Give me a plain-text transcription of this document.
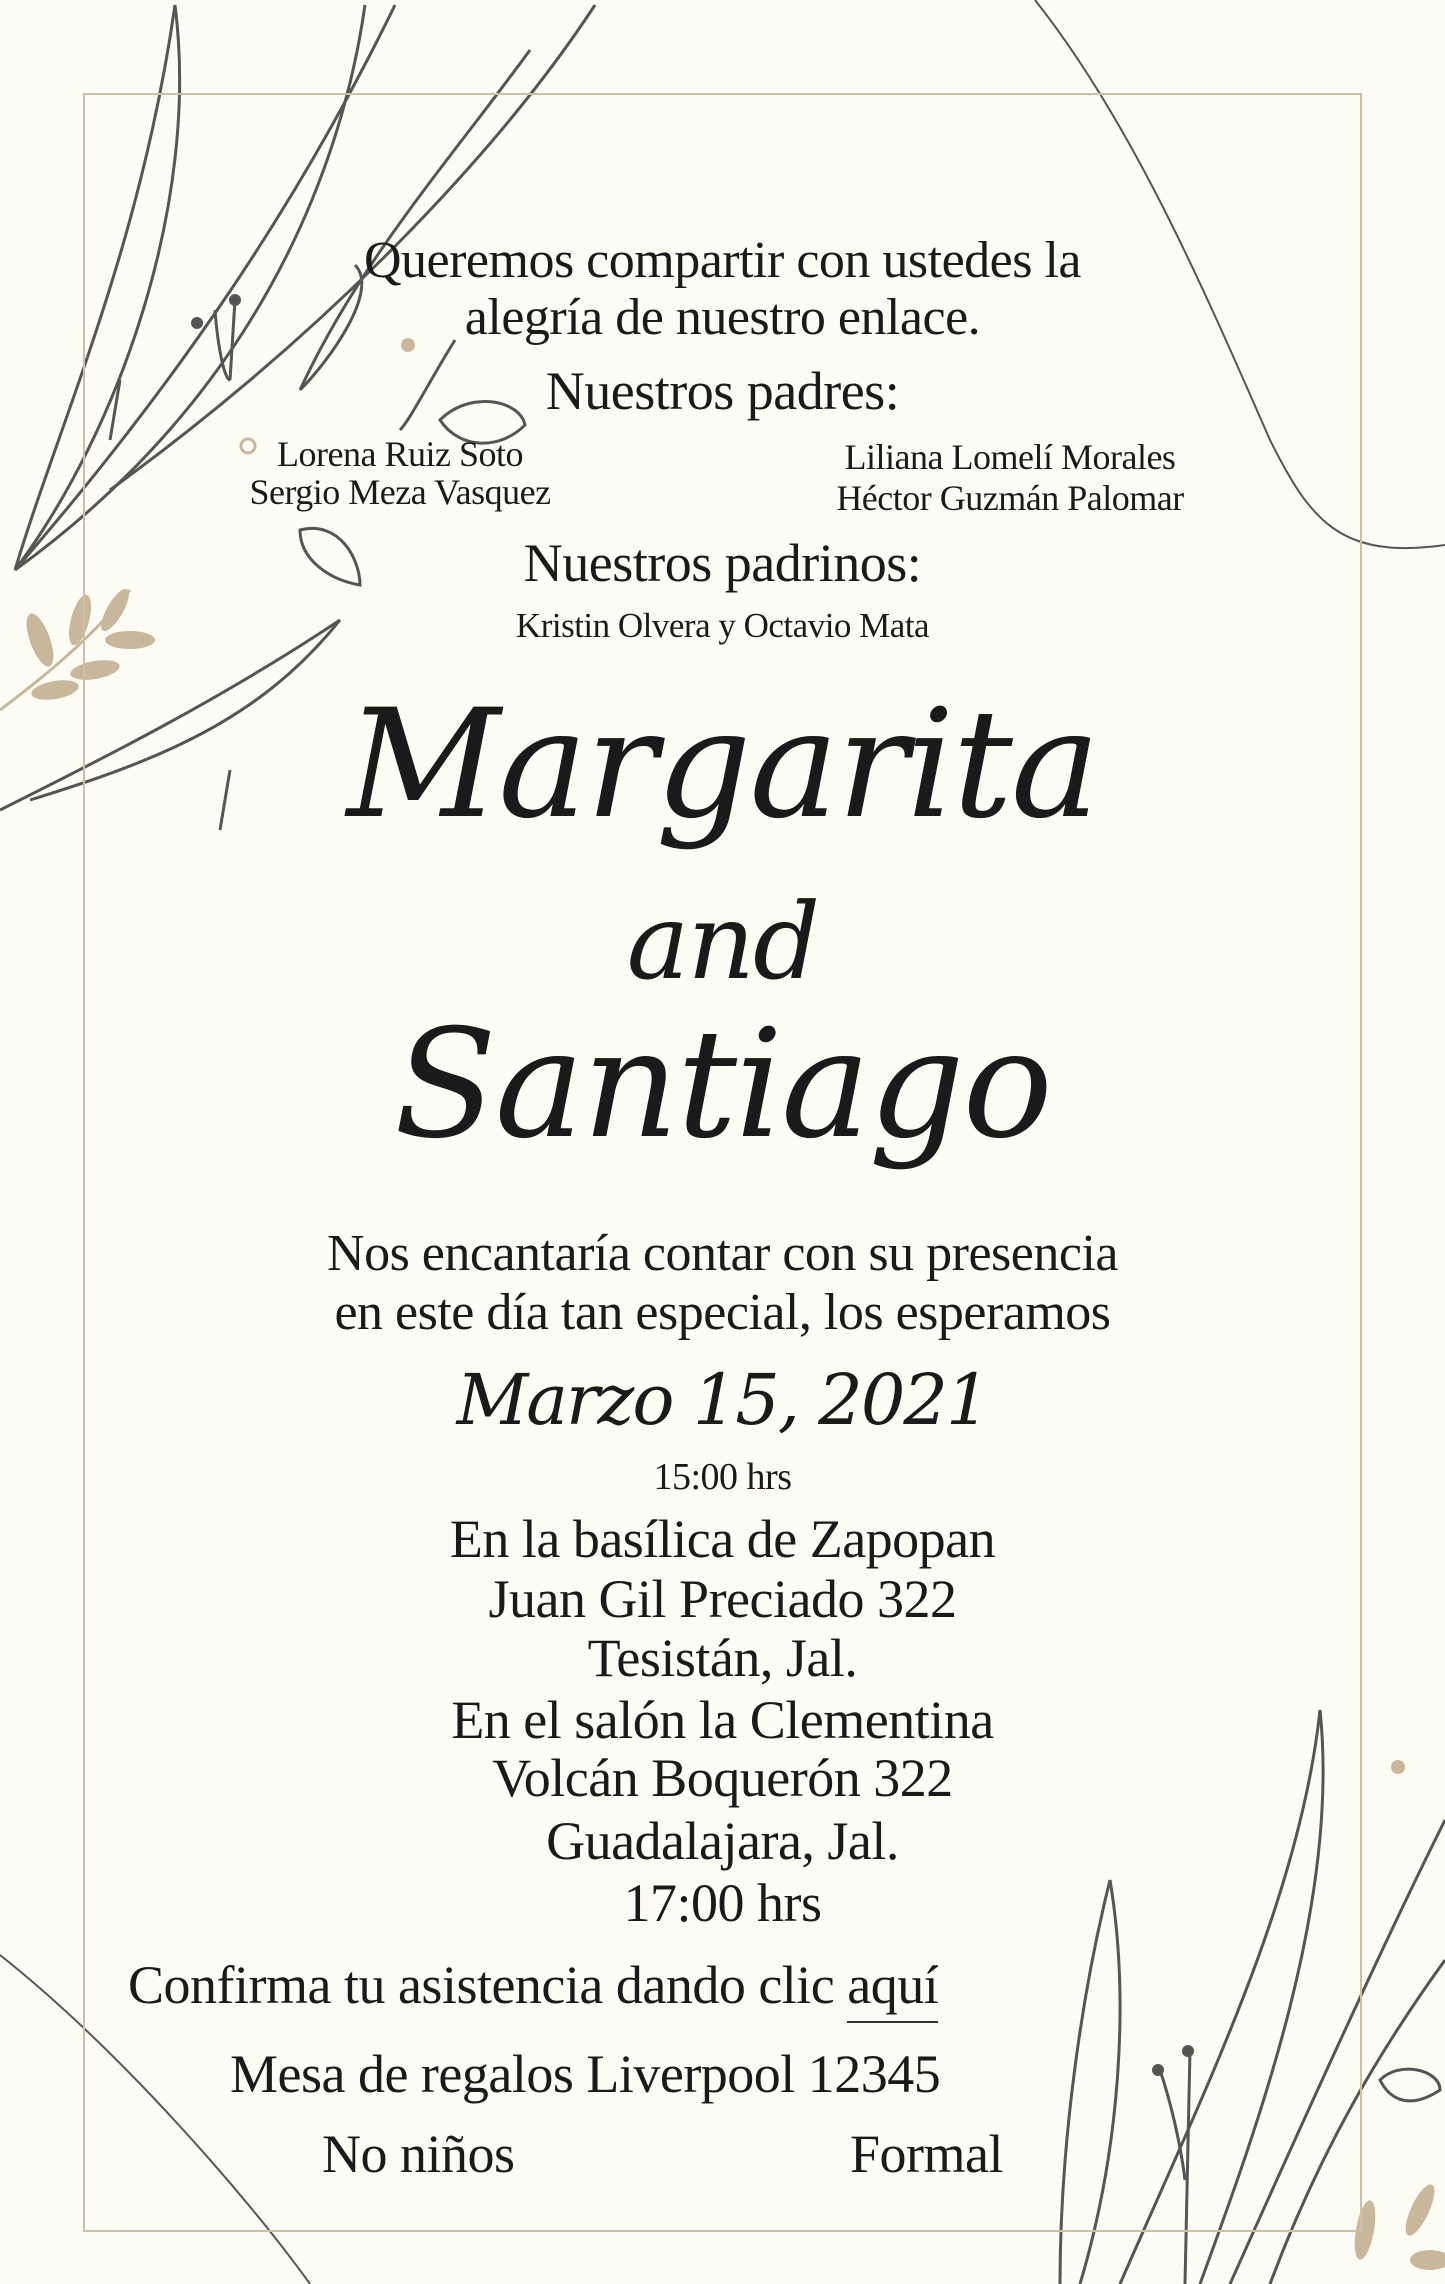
Queremos compartir con ustedes la
alegría de nuestro enlace.
Nuestros padres:
Lorena Ruiz Soto
Sergio Meza Vasquez
Liliana Lomelí Morales
Héctor Guzmán Palomar
Nuestros padrinos:
Kristin Olvera y Octavio Mata
Margarita
and
Santiago
Nos encantaría contar con su presencia
en este día tan especial, los esperamos
Marzo 15, 2021
15:00 hrs
En la basílica de Zapopan
Juan Gil Preciado 322
Tesistán, Jal.
En el salón la Clementina
Volcán Boquerón 322
Guadalajara, Jal.
17:00 hrs
Confirma tu asistencia dando clic aquí
Mesa de regalos Liverpool 12345
No niños	Formal
